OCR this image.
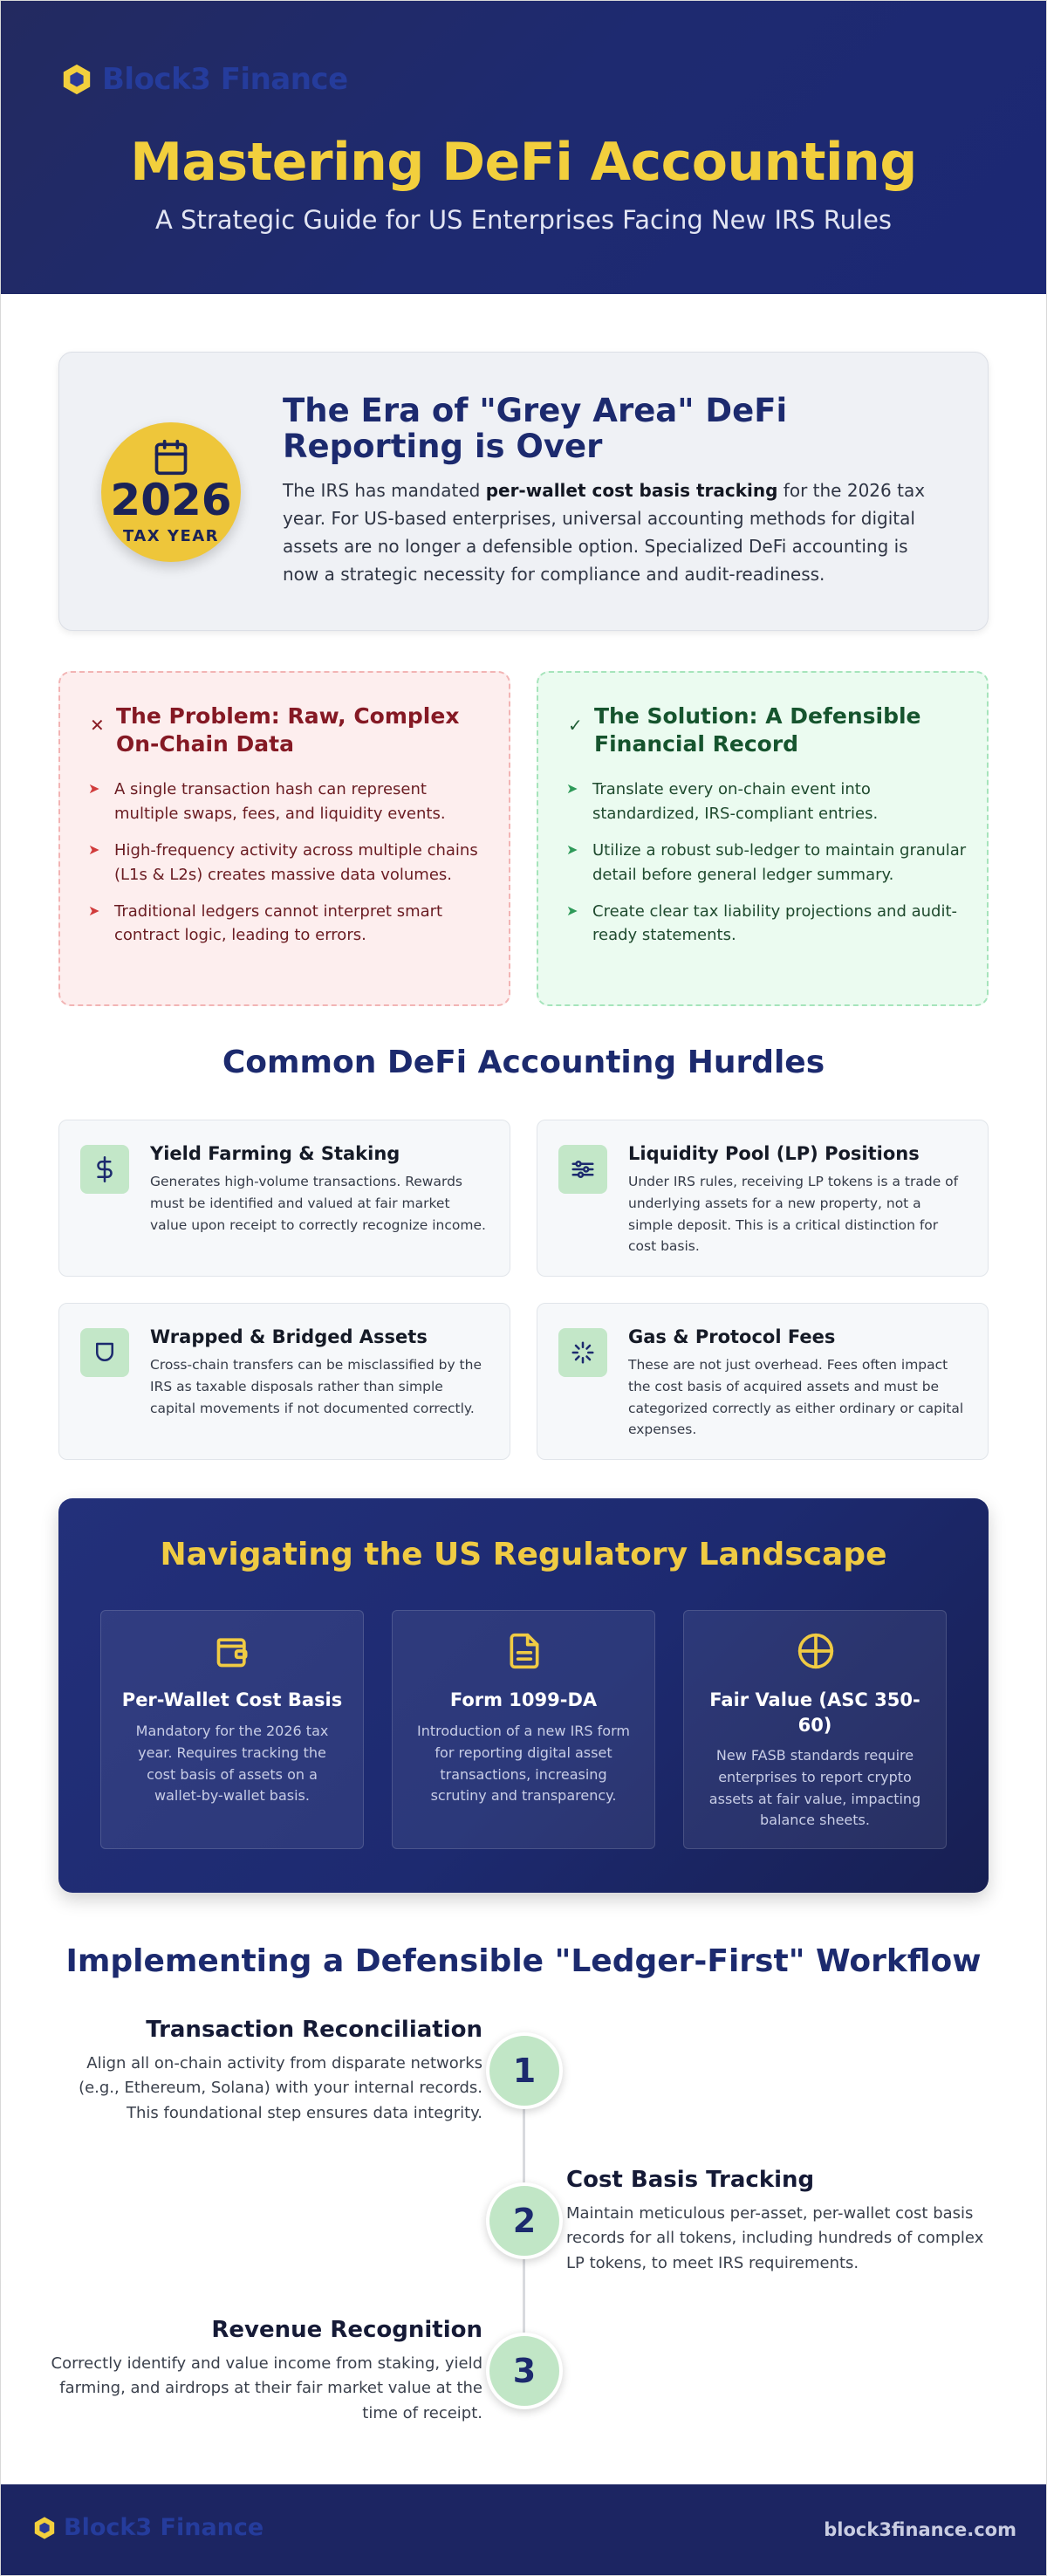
Block3 Finance
Mastering DeFi Accounting
A Strategic Guide for US Enterprises Facing New IRS Rules
2026
TAX YEAR
The Era of "Grey Area" DeFi Reporting is Over

The IRS has mandated per-wallet cost basis tracking for the 2026 tax year. For US-based enterprises, universal accounting methods for digital assets are no longer a defensible option. Specialized DeFi accounting is now a strategic necessity for compliance and audit-readiness.

✕ The Problem: Raw, Complex On-Chain Data
➤ A single transaction hash can represent multiple swaps, fees, and liquidity events.
➤ High-frequency activity across multiple chains (L1s & L2s) creates massive data volumes.
➤ Traditional ledgers cannot interpret smart contract logic, leading to errors.
✓ The Solution: A Defensible Financial Record
➤ Translate every on-chain event into standardized, IRS-compliant entries.
➤ Utilize a robust sub-ledger to maintain granular detail before general ledger summary.
➤ Create clear tax liability projections and audit-ready statements.
Common DeFi Accounting Hurdles
Yield Farming & Staking
Generates high-volume transactions. Rewards must be identified and valued at fair market value upon receipt to correctly recognize income.
Liquidity Pool (LP) Positions
Under IRS rules, receiving LP tokens is a trade of underlying assets for a new property, not a simple deposit. This is a critical distinction for cost basis.
Wrapped & Bridged Assets
Cross-chain transfers can be misclassified by the IRS as taxable disposals rather than simple capital movements if not documented correctly.
Gas & Protocol Fees
These are not just overhead. Fees often impact the cost basis of acquired assets and must be categorized correctly as either ordinary or capital expenses.
Navigating the US Regulatory Landscape
Per-Wallet Cost Basis
Mandatory for the 2026 tax year. Requires tracking the cost basis of assets on a wallet-by-wallet basis.
Form 1099-DA
Introduction of a new IRS form for reporting digital asset transactions, increasing scrutiny and transparency.
Fair Value (ASC 350-60)
New FASB standards require enterprises to report crypto assets at fair value, impacting balance sheets.
Implementing a Defensible "Ledger-First" Workflow
Transaction Reconciliation
Align all on-chain activity from disparate networks (e.g., Ethereum, Solana) with your internal records. This foundational step ensures data integrity.
1
2
Cost Basis Tracking
Maintain meticulous per-asset, per-wallet cost basis records for all tokens, including hundreds of complex LP tokens, to meet IRS requirements.
Revenue Recognition
Correctly identify and value income from staking, yield farming, and airdrops at their fair market value at the time of receipt.
3
Block3 Finance	block3finance.com
